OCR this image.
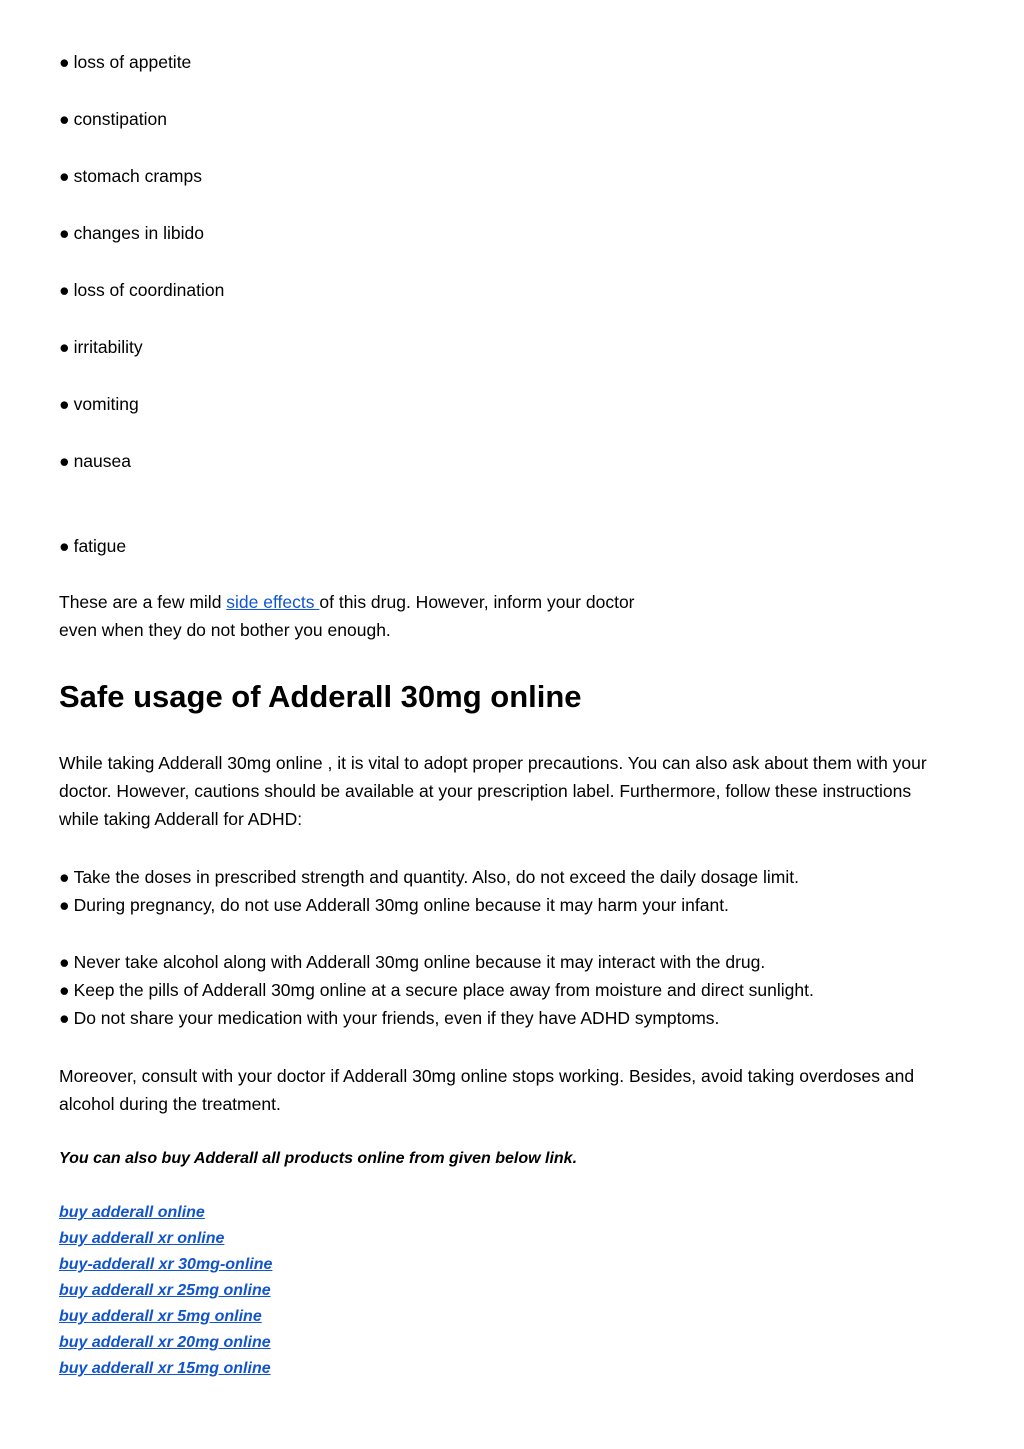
● loss of appetite
● constipation
● stomach cramps
● changes in libido
● loss of coordination
● irritability
● vomiting
● nausea
● fatigue
These are a few mild side effects of this drug. However, inform your doctor
even when they do not bother you enough.
Safe usage of Adderall 30mg online
While taking Adderall 30mg online , it is vital to adopt proper precautions. You can also ask about them with your
doctor. However, cautions should be available at your prescription label. Furthermore, follow these instructions
while taking Adderall for ADHD:
● Take the doses in prescribed strength and quantity. Also, do not exceed the daily dosage limit.
● During pregnancy, do not use Adderall 30mg online because it may harm your infant.
● Never take alcohol along with Adderall 30mg online because it may interact with the drug.
● Keep the pills of Adderall 30mg online at a secure place away from moisture and direct sunlight.
● Do not share your medication with your friends, even if they have ADHD symptoms.
Moreover, consult with your doctor if Adderall 30mg online stops working. Besides, avoid taking overdoses and
alcohol during the treatment.
You can also buy Adderall all products online from given below link.
buy adderall online
buy adderall xr online
buy-adderall xr 30mg-online
buy adderall xr 25mg online
buy adderall xr 5mg online
buy adderall xr 20mg online
buy adderall xr 15mg online
